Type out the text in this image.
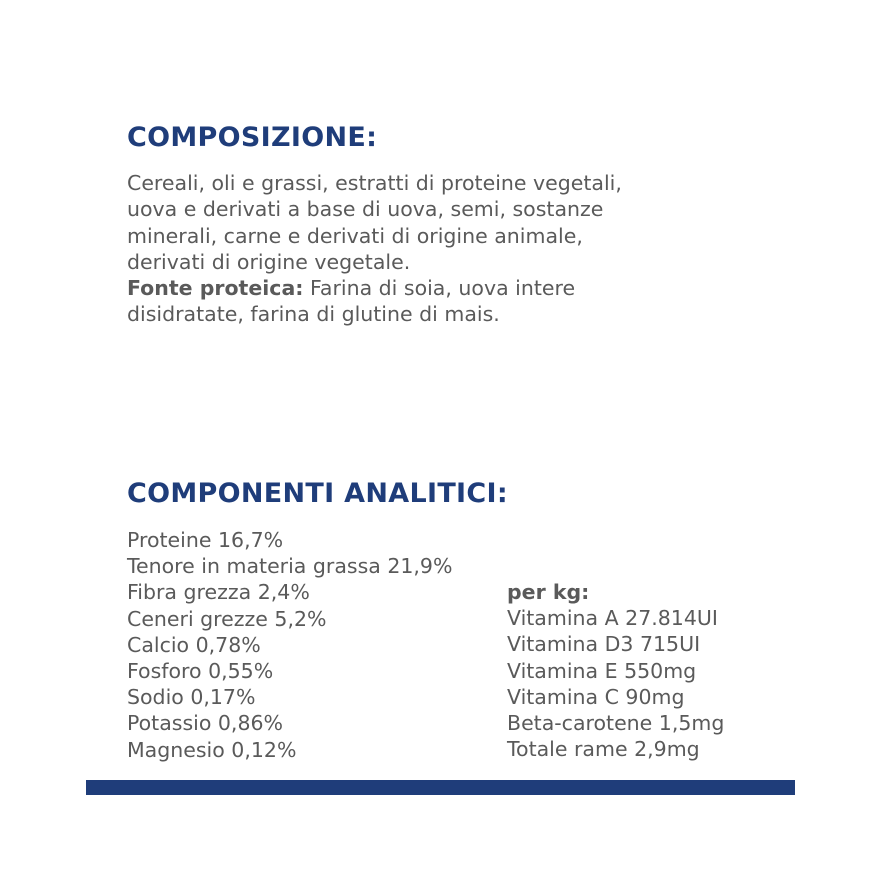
COMPOSIZIONE:

Cereali, oli e grassi, estratti di proteine vegetali,
uova e derivati a base di uova, semi, sostanze
minerali, carne e derivati di origine animale,
derivati di origine vegetale.
Fonte proteica: Farina di soia, uova intere
disidratate, farina di glutine di mais.

COMPONENTI ANALITICI:
Proteine 16,7%
Tenore in materia grassa 21,9%
Fibra grezza 2,4%
Ceneri grezze 5,2%
Calcio 0,78%
Fosforo 0,55%
Sodio 0,17%
Potassio 0,86%
Magnesio 0,12%
per kg:
Vitamina A 27.814UI
Vitamina D3 715UI
Vitamina E 550mg
Vitamina C 90mg
Beta-carotene 1,5mg
Totale rame 2,9mg
